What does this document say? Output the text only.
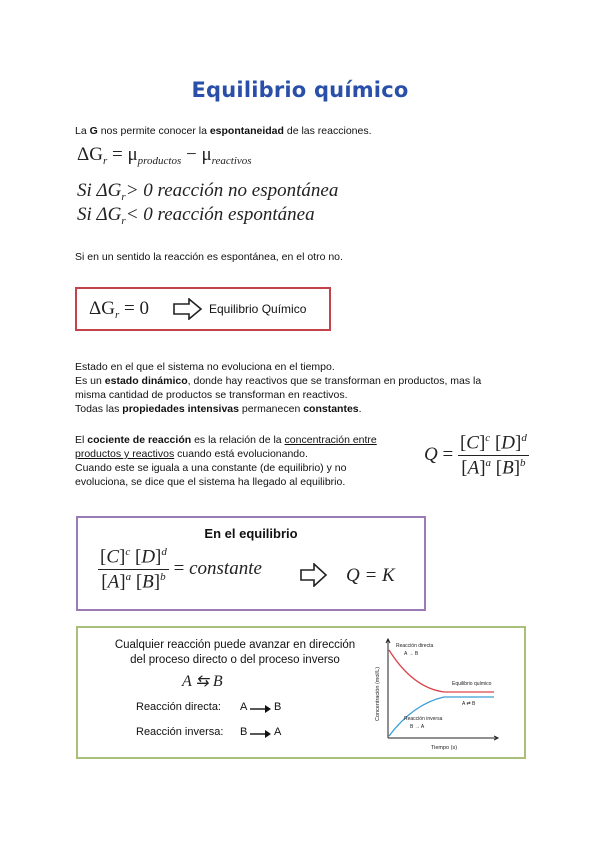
Equilibrio químico
La G nos permite conocer la espontaneidad de las reacciones.
$\Delta G_r = \mu_{productos} - \mu_{reactivos}$
Si $\Delta G_r> 0$ reacción no espontánea
Si $\Delta G_r< 0$ reacción espontánea
Si en un sentido la reacción es espontánea, en el otro no.
$\Delta G_r = 0$	Equilibrio Químico
Estado en el que el sistema no evoluciona en el tiempo.
Es un estado dinámico, donde hay reactivos que se transforman en productos, mas la
misma cantidad de productos se transforman en reactivos.
Todas las propiedades intensivas permanecen constantes.
El cociente de reacción es la relación de la concentración entre
productos y reactivos cuando está evolucionando.
Cuando este se iguala a una constante (de equilibrio) y no
evoluciona, se dice que el sistema ha llegado al equilibrio.
$Q = \frac{[C]^c [D]^d}{[A]^a [B]^b}$
En el equilibrio
$\frac{[C]^c [D]^d}{[A]^a [B]^b}$ = constante	Q = K
Cualquier reacción puede avanzar en dirección
del proceso directo o del proceso inverso
A ⇆ B
Reacción directa: A B
Reacción inversa: B A
Concentración (mol/L)
Tiempo (s)
Reacción directa
A → B
Equilibrio químico
A ⇄ B
Reacción inversa
B → A
